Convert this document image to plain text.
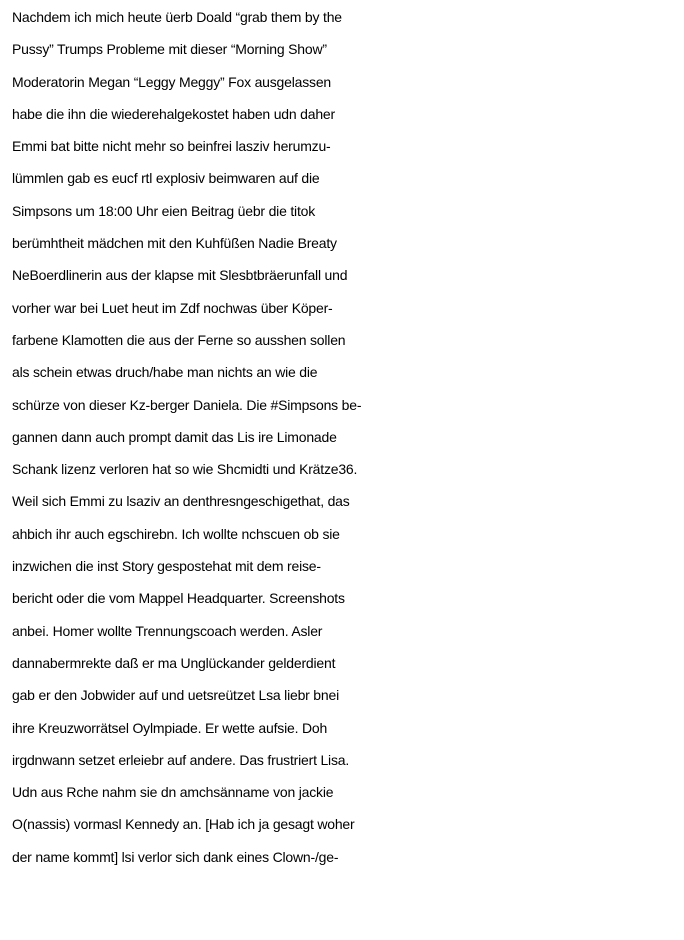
Nachdem ich mich heute üerb Doald “grab them by the

Pussy” Trumps Probleme mit dieser “Morning Show”

Moderatorin Megan “Leggy Meggy” Fox ausgelassen

habe die ihn die wiederehalgekostet haben udn daher

Emmi bat bitte nicht mehr so beinfrei lasziv herumzu-

lümmlen gab es eucf rtl explosiv beimwaren auf die

Simpsons um 18:00 Uhr eien Beitrag üebr die titok

berümhtheit mädchen mit den Kuhfüßen Nadie Breaty

NeBoerdlinerin aus der klapse mit Slesbtbräerunfall und

vorher war bei Luet heut im Zdf nochwas über Köper-

farbene Klamotten die aus der Ferne so ausshen sollen

als schein etwas druch/habe man nichts an wie die

schürze von dieser Kz-berger Daniela. Die #Simpsons be-

gannen dann auch prompt damit das Lis ire Limonade

Schank lizenz verloren hat so wie Shcmidti und Krätze36.

Weil sich Emmi zu lsaziv an denthresngeschigethat, das

ahbich ihr auch egschirebn. Ich wollte nchscuen ob sie

inzwichen die inst Story gespostehat mit dem reise-

bericht oder die vom Mappel Headquarter. Screenshots

anbei. Homer wollte Trennungscoach werden. Asler

dannabermrekte daß er ma Unglückander gelderdient

gab er den Jobwider auf und uetsreützet Lsa liebr bnei

ihre Kreuzworrätsel Oylmpiade. Er wette aufsie. Doh

irgdnwann setzet erleiebr auf andere. Das frustriert Lisa.

Udn aus Rche nahm sie dn amchsänname von jackie

O(nassis) vormasl Kennedy an. [Hab ich ja gesagt woher

der name kommt] lsi verlor sich dank eines Clown-/ge-
